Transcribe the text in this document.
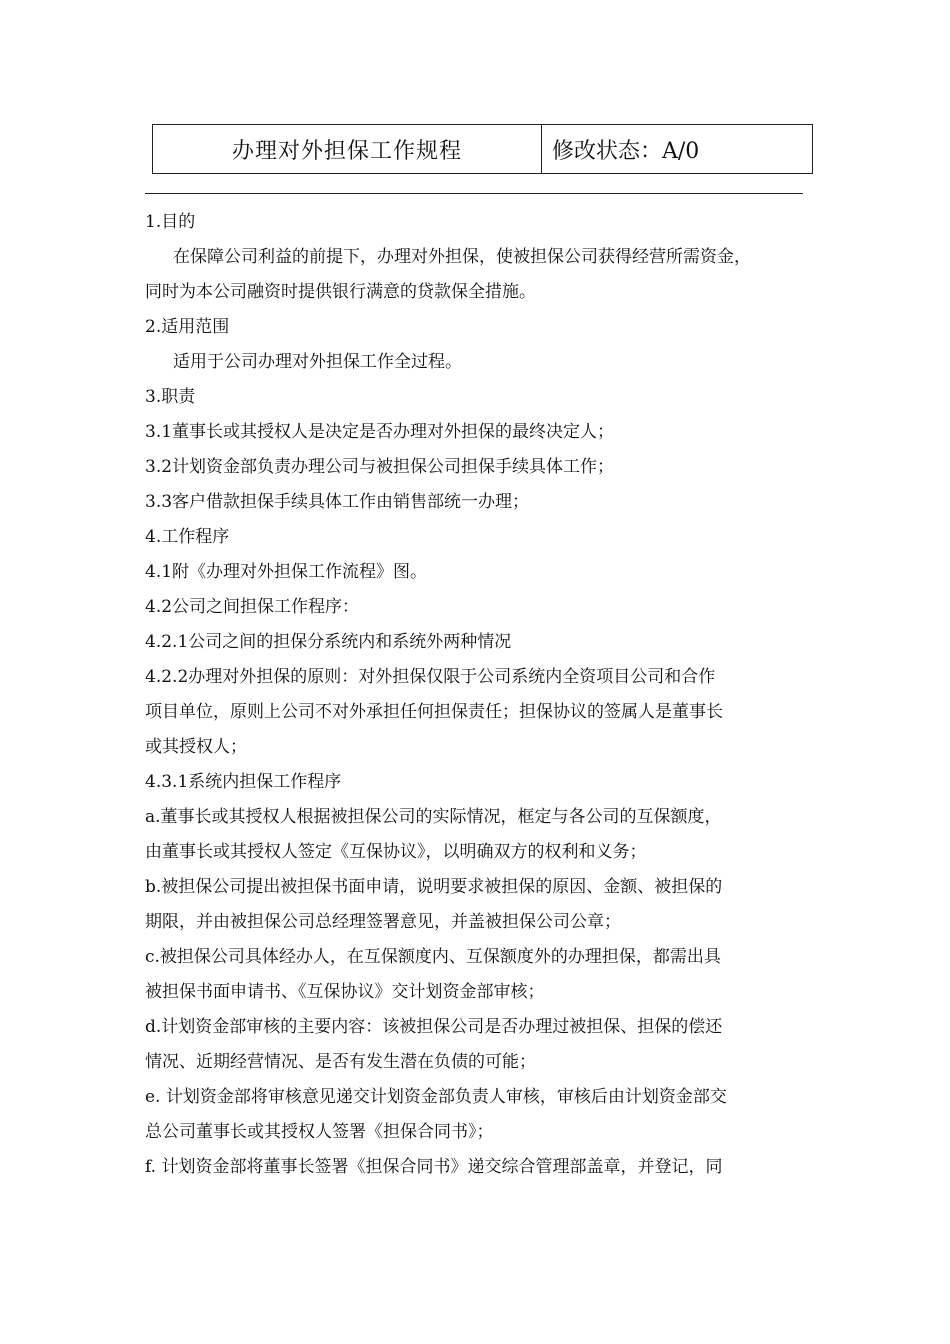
办理对外担保工作规程	修改状态：A/0
1.目的
在保障公司利益的前提下，办理对外担保，使被担保公司获得经营所需资金，
同时为本公司融资时提供银行满意的贷款保全措施。
2.适用范围
适用于公司办理对外担保工作全过程。
3.职责
3.1董事长或其授权人是决定是否办理对外担保的最终决定人；
3.2计划资金部负责办理公司与被担保公司担保手续具体工作；
3.3客户借款担保手续具体工作由销售部统一办理；
4.工作程序
4.1附《办理对外担保工作流程》图。
4.2公司之间担保工作程序：
4.2.1公司之间的担保分系统内和系统外两种情况
4.2.2办理对外担保的原则：对外担保仅限于公司系统内全资项目公司和合作
项目单位，原则上公司不对外承担任何担保责任；担保协议的签属人是董事长
或其授权人；
4.3.1系统内担保工作程序
a.董事长或其授权人根据被担保公司的实际情况，框定与各公司的互保额度，
由董事长或其授权人签定《互保协议》，以明确双方的权利和义务；
b.被担保公司提出被担保书面申请，说明要求被担保的原因、金额、被担保的
期限，并由被担保公司总经理签署意见，并盖被担保公司公章；
c.被担保公司具体经办人，在互保额度内、互保额度外的办理担保，都需出具
被担保书面申请书、《互保协议》交计划资金部审核；
d.计划资金部审核的主要内容：该被担保公司是否办理过被担保、担保的偿还
情况、近期经营情况、是否有发生潜在负债的可能；
e. 计划资金部将审核意见递交计划资金部负责人审核，审核后由计划资金部交
总公司董事长或其授权人签署《担保合同书》；
f. 计划资金部将董事长签署《担保合同书》递交综合管理部盖章，并登记，同
